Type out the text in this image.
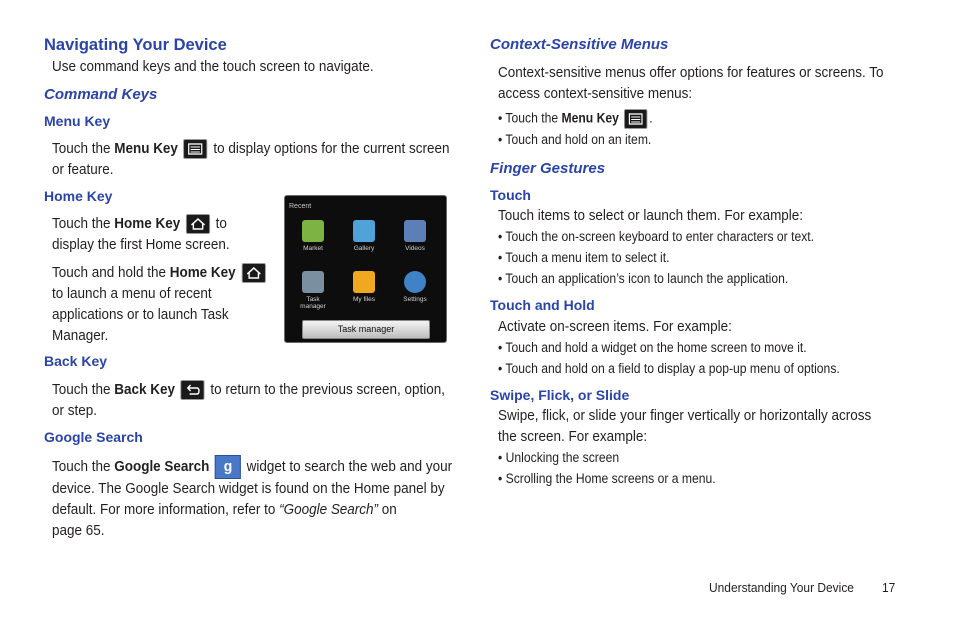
Navigating Your Device
Use command keys and the touch screen to navigate.
Command Keys
Menu Key
Touch the Menu Key
to display options for the current screen
or feature.
Home Key
Touch the Home Key
to
display the first Home screen.
Touch and hold the Home Key

to launch a menu of recent
applications or to launch Task
Manager.
Recent
Market	Gallery	Videos
Task manager
My files	Settings
Task manager
Back Key
Touch the Back Key
to return to the previous screen, option,
or step.
Google Search
Touch the Google Search g widget to search the web and your
device. The Google Search widget is found on the Home panel by
default. For more information, refer to “Google Search” on
page 65.
Context-Sensitive Menus
Context-sensitive menus offer options for features or screens. To
access context-sensitive menus:
• Touch the Menu Key .
• Touch and hold on an item.
Finger Gestures
Touch
Touch items to select or launch them. For example:
• Touch the on-screen keyboard to enter characters or text.
• Touch a menu item to select it.
• Touch an application’s icon to launch the application.
Touch and Hold
Activate on-screen items. For example:
• Touch and hold a widget on the home screen to move it.
• Touch and hold on a field to display a pop-up menu of options.
Swipe, Flick, or Slide
Swipe, flick, or slide your finger vertically or horizontally across
the screen. For example:
• Unlocking the screen
• Scrolling the Home screens or a menu.
Understanding Your Device 17
